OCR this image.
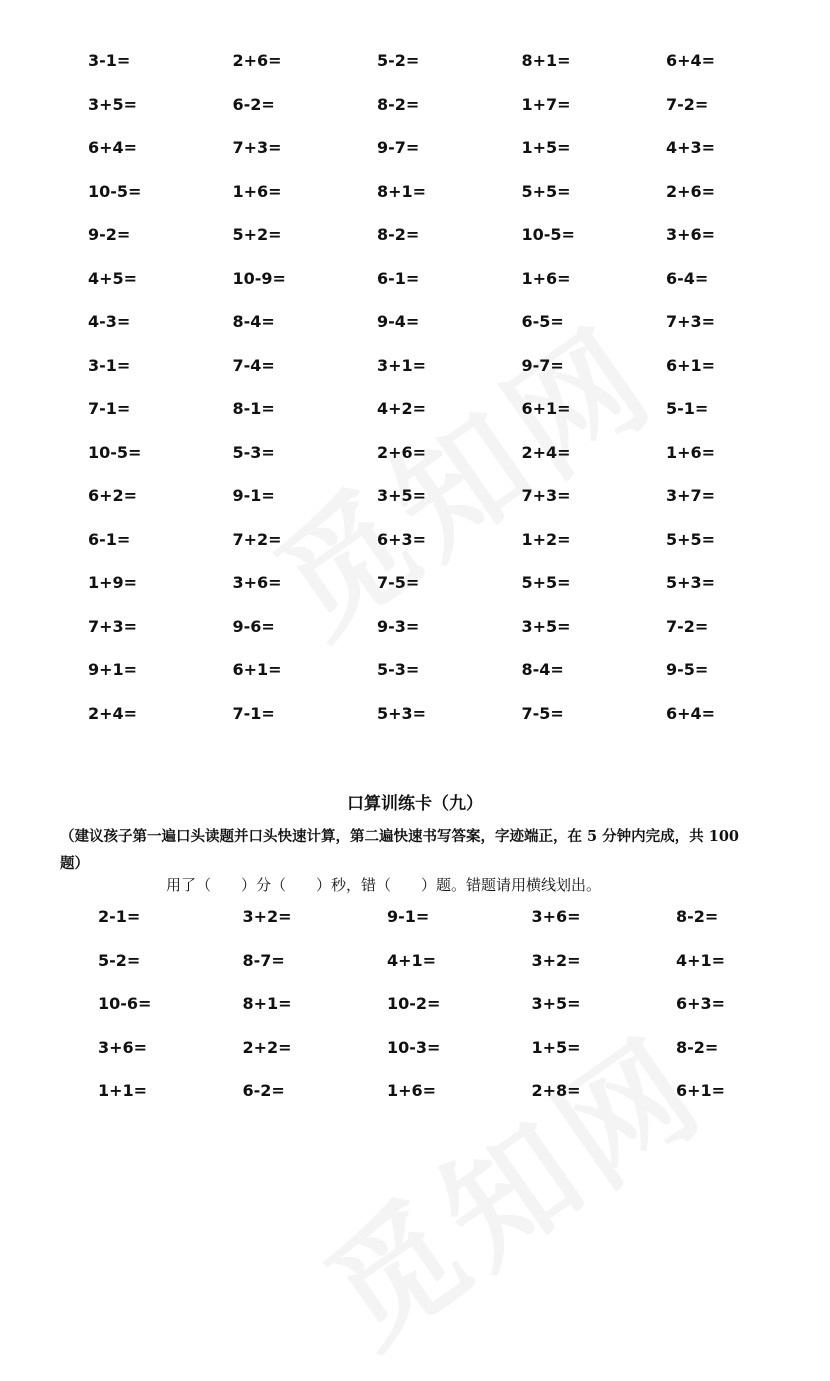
3-1=	2+6=	5-2=	8+1=	6+4=
3+5=	6-2=	8-2=	1+7=	7-2=
6+4=	7+3=	9-7=	1+5=	4+3=
10-5=	1+6=	8+1=	5+5=	2+6=
9-2=	5+2=	8-2=	10-5=	3+6=
4+5=	10-9=	6-1=	1+6=	6-4=
4-3=	8-4=	9-4=	6-5=	7+3=
3-1=	7-4=	3+1=	9-7=	6+1=
7-1=	8-1=	4+2=	6+1=	5-1=
10-5=	5-3=	2+6=	2+4=	1+6=
6+2=	9-1=	3+5=	7+3=	3+7=
6-1=	7+2=	6+3=	1+2=	5+5=
1+9=	3+6=	7-5=	5+5=	5+3=
7+3=	9-6=	9-3=	3+5=	7-2=
9+1=	6+1=	5-3=	8-4=	9-5=
2+4=	7-1=	5+3=	7-5=	6+4=
口算训练卡（九）
（建议孩子第一遍口头读题并口头快速计算，第二遍快速书写答案，字迹端正，在 5 分钟内完成，共 100 题）
用了（　　）分（　　）秒，错（　　）题。错题请用横线划出。
2-1=	3+2=	9-1=	3+6=	8-2=
5-2=	8-7=	4+1=	3+2=	4+1=
10-6=	8+1=	10-2=	3+5=	6+3=
3+6=	2+2=	10-3=	1+5=	8-2=
1+1=	6-2=	1+6=	2+8=	6+1=
